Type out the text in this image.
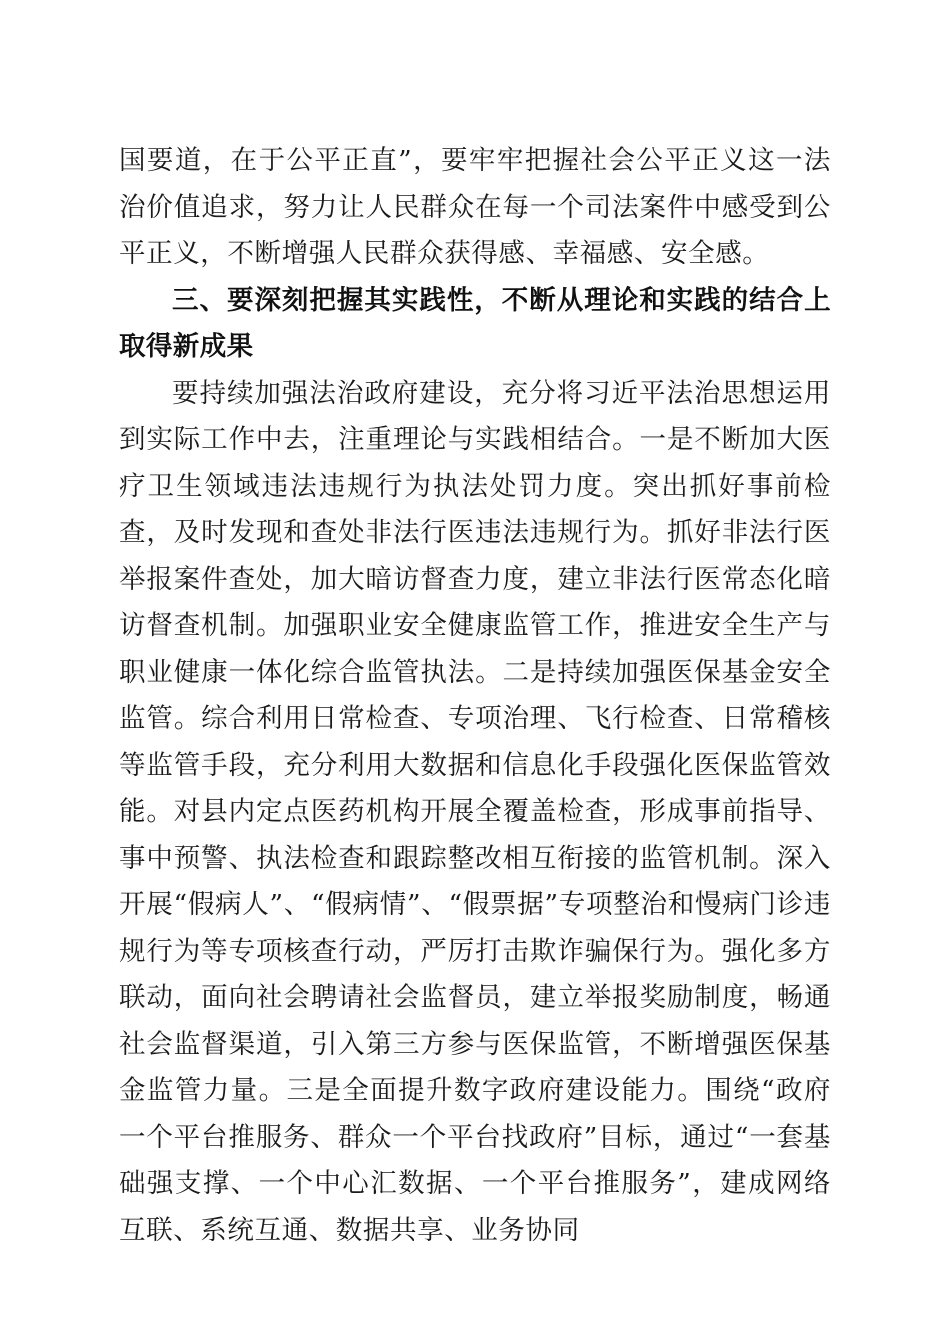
国要道，在于公平正直”，要牢牢把握社会公平正义这一法治价值追求，努力让人民群众在每一个司法案件中感受到公平正义，不断增强人民群众获得感、幸福感、安全感。

三、要深刻把握其实践性，不断从理论和实践的结合上取得新成果

要持续加强法治政府建设，充分将习近平法治思想运用到实际工作中去，注重理论与实践相结合。一是不断加大医疗卫生领域违法违规行为执法处罚力度。突出抓好事前检查，及时发现和查处非法行医违法违规行为。抓好非法行医举报案件查处，加大暗访督查力度，建立非法行医常态化暗访督查机制。加强职业安全健康监管工作，推进安全生产与职业健康一体化综合监管执法。二是持续加强医保基金安全监管。综合利用日常检查、专项治理、飞行检查、日常稽核等监管手段，充分利用大数据和信息化手段强化医保监管效能。对县内定点医药机构开展全覆盖检查，形成事前指导、事中预警、执法检查和跟踪整改相互衔接的监管机制。深入开展“假病人”、“假病情”、“假票据”专项整治和慢病门诊违规行为等专项核查行动，严厉打击欺诈骗保行为。强化多方联动，面向社会聘请社会监督员，建立举报奖励制度，畅通社会监督渠道，引入第三方参与医保监管，不断增强医保基金监管力量。三是全面提升数字政府建设能力。围绕“政府一个平台推服务、群众一个平台找政府”目标，通过“一套基础强支撑、一个中心汇数据、一个平台推服务”，建成网络互联、系统互通、数据共享、业务协同
